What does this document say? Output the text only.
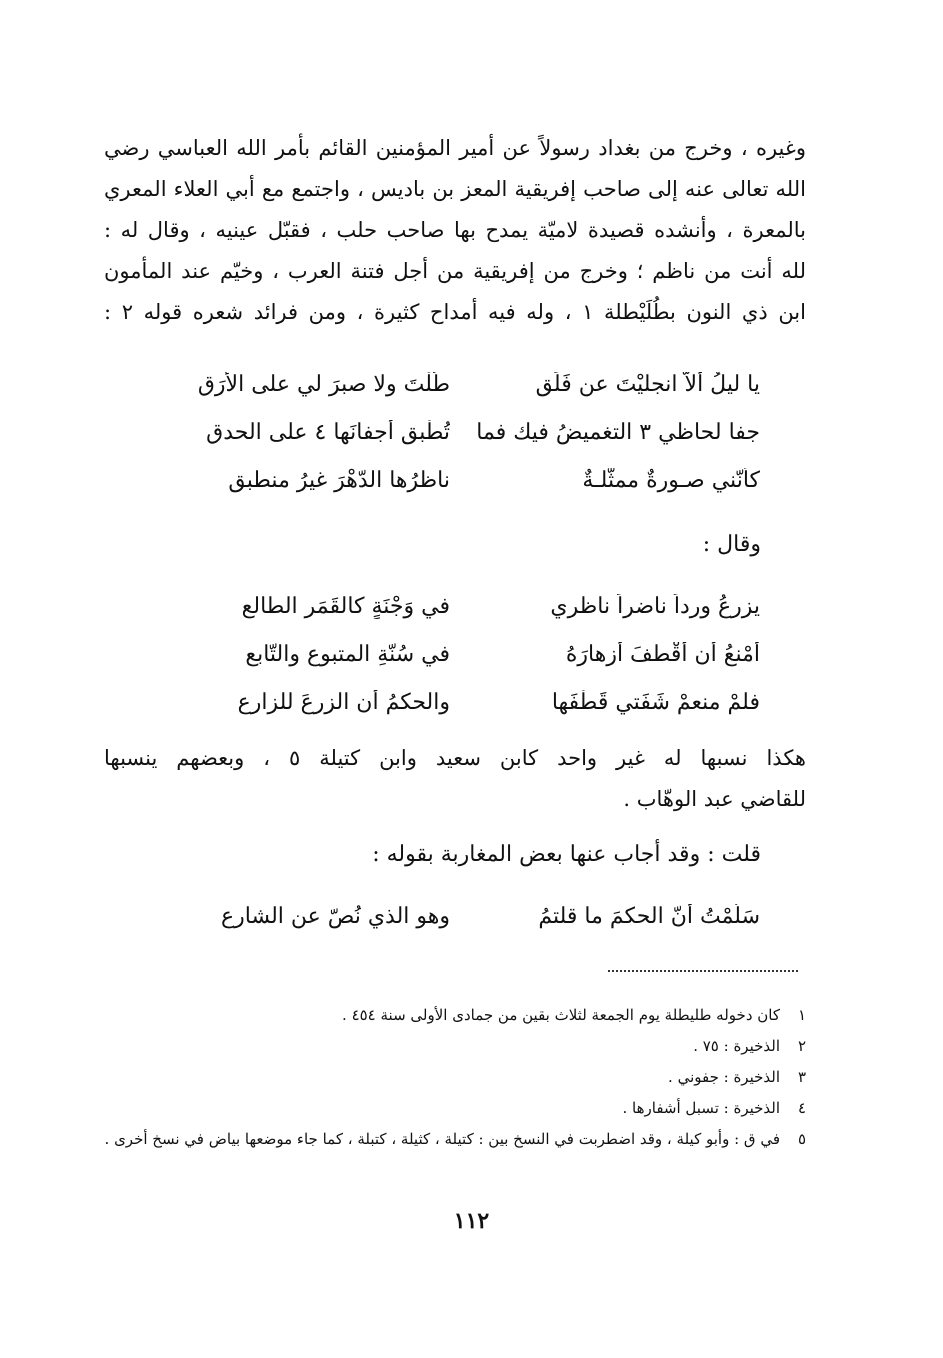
وغيره ، وخرج من بغداد رسولاً عن أمير المؤمنين القائم بأمر الله العباسي رضي
الله تعالى عنه إلى صاحب إفريقية المعز بن باديس ، واجتمع مع أبي العلاء المعري
بالمعرة ، وأنشده قصيدة لاميّة يمدح بها صاحب حلب ، فقبّل عينيه ، وقال له :
لله أنت من ناظم ؛ وخرج من إفريقية من أجل فتنة العرب ، وخيّم عند المأمون
ابن ذي النون بطُلَيْطلة ١ ، وله فيه أمداح كثيرة ، ومن فرائد شعره قوله ٢ :
يا ليلُ ألاّ انجليْتَ عن فَلَقِ
طُلْتَ ولا صبرَ لي على الأرَقِ
جفا لحاظي ٣ التغميضُ فيك فما
تُطْبق أجفانَها ٤ على الحدقِ
كأنّني صـورةٌ ممثّلـةٌ
ناظرُها الدّهْرَ غيرُ منطبقِ
وقال :
يزرعُ ورداً ناضراً ناظري
في وَجْنَةٍ كالقَمَرِ الطالعِ
أمْنعُ أن أقْطفَ أزهارَهُ
في سُنّةِ المتبوعِ والتّابعِ
فلمْ منعمْ شَفَتي قَطْفَها
والحكمُ أن الزرعَ للزارعِ
هكذا نسبها له غير واحد كابن سعيد وابن كتيلة ٥ ، وبعضهم ينسبها
للقاضي عبد الوهّاب .
قلت : وقد أجاب عنها بعض المغاربة بقوله :
سَلّمْتُ أنّ الحكمَ ما قلتمُ
وهو الذي نُصّ عن الشارعِ
١
كان دخوله طليطلة يوم الجمعة لثلاث بقين من جمادى الأولى سنة ٤٥٤ .
٢
الذخيرة : ٧٥ .
٣
الذخيرة : جفوني .
٤
الذخيرة : تسبل أشفارها .
٥
في ق : وأبو كيلة ، وقد اضطربت في النسخ بين : كتيلة ، كثيلة ، كتبلة ، كما جاء موضعها بياض في نسخ أخرى .
١١٢
